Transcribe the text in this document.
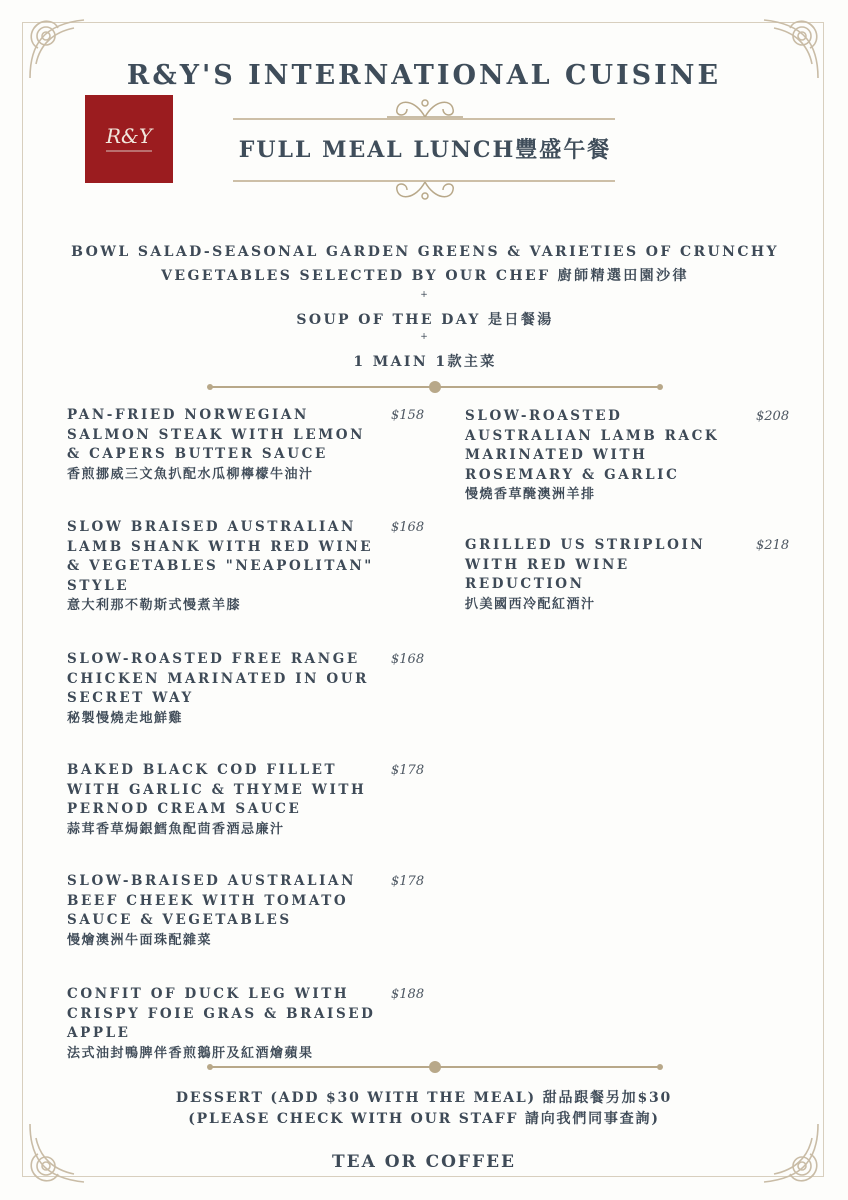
R&Y'S INTERNATIONAL CUISINE
R&Y
FULL MEAL LUNCH豐盛午餐
BOWL SALAD-SEASONAL GARDEN GREENS & VARIETIES OF CRUNCHY
VEGETABLES SELECTED BY OUR CHEF 廚師精選田園沙律
+
SOUP OF THE DAY 是日餐湯
+
1 MAIN 1款主菜
PAN-FRIED NORWEGIAN
SALMON STEAK WITH LEMON
& CAPERS BUTTER SAUCE
香煎挪威三文魚扒配水瓜柳檸檬牛油汁
$158
SLOW BRAISED AUSTRALIAN
LAMB SHANK WITH RED WINE
& VEGETABLES "NEAPOLITAN"
STYLE
意大利那不勒斯式慢煮羊膝
$168
SLOW-ROASTED FREE RANGE
CHICKEN MARINATED IN OUR
SECRET WAY
秘製慢燒走地鮮雞
$168
BAKED BLACK COD FILLET
WITH GARLIC & THYME WITH
PERNOD CREAM SAUCE
蒜茸香草焗銀鱈魚配茴香酒忌廉汁
$178
SLOW-BRAISED AUSTRALIAN
BEEF CHEEK WITH TOMATO
SAUCE & VEGETABLES
慢燴澳洲牛面珠配雜菜
$178
CONFIT OF DUCK LEG WITH
CRISPY FOIE GRAS & BRAISED
APPLE
法式油封鴨脾伴香煎鵝肝及紅酒燴蘋果
$188
SLOW-ROASTED
AUSTRALIAN LAMB RACK
MARINATED WITH
ROSEMARY & GARLIC
慢燒香草醃澳洲羊排
$208
GRILLED US STRIPLOIN
WITH RED WINE
REDUCTION
扒美國西冷配紅酒汁
$218
DESSERT (ADD $30 WITH THE MEAL) 甜品跟餐另加$30
(PLEASE CHECK WITH OUR STAFF 請向我們同事查詢)
TEA OR COFFEE
